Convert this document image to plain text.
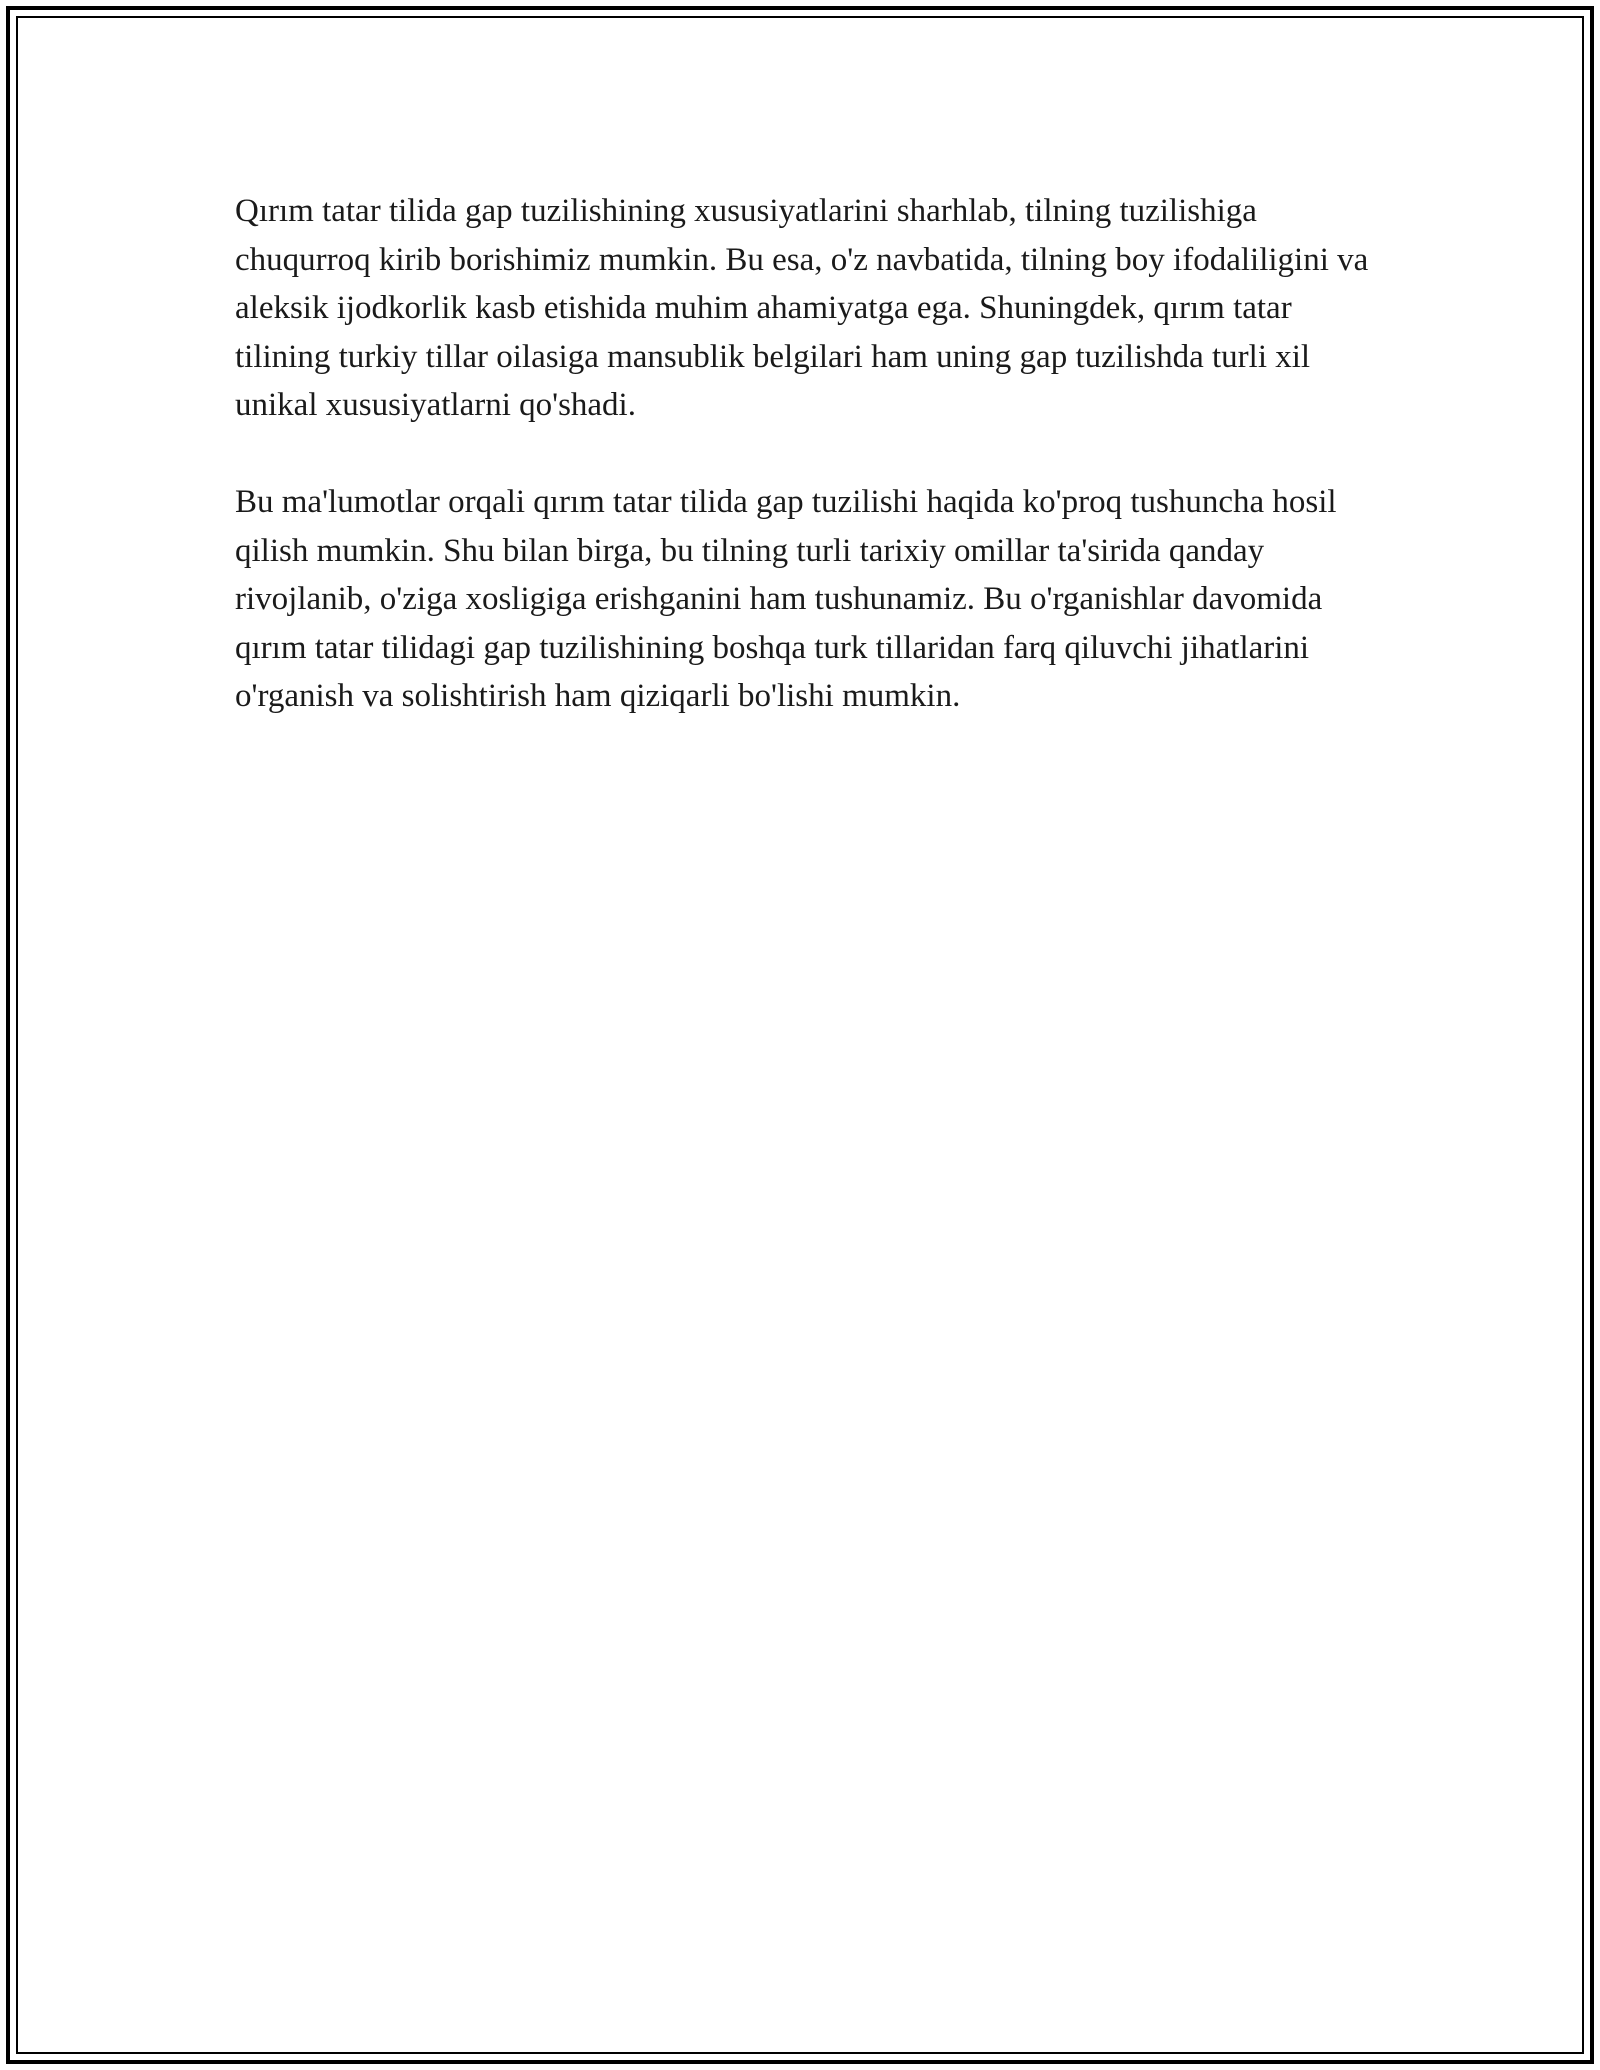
Qırım tatar tilida gap tuzilishining xususiyatlarini sharhlab, tilning tuzilishiga chuqurroq kirib borishimiz mumkin. Bu esa, o'z navbatida, tilning boy ifodaliligini va aleksik ijodkorlik kasb etishida muhim ahamiyatga ega. Shuningdek, qırım tatar tilining turkiy tillar oilasiga mansublik belgilari ham uning gap tuzilishda turli xil unikal xususiyatlarni qo'shadi.

Bu ma'lumotlar orqali qırım tatar tilida gap tuzilishi haqida ko'proq tushuncha hosil qilish mumkin. Shu bilan birga, bu tilning turli tarixiy omillar ta'sirida qanday rivojlanib, o'ziga xosligiga erishganini ham tushunamiz. Bu o'rganishlar davomida qırım tatar tilidagi gap tuzilishining boshqa turk tillaridan farq qiluvchi jihatlarini o'rganish va solishtirish ham qiziqarli bo'lishi mumkin.
